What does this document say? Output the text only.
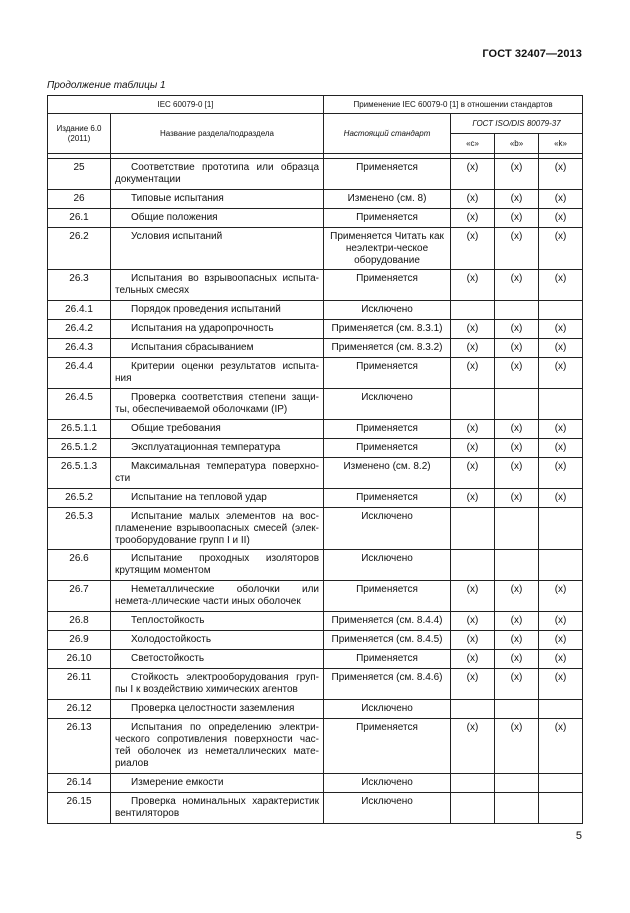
ГОСТ 32407—2013
Продолжение таблицы 1
IEC 60079-0 [1]		Применение IEC 60079-0 [1] в отношении стандартов			
Издание 6.0 (2011)	Название раздела/подраздела	Настоящий стандарт	ГОСТ ISO/DIS 80079-37		
			«c»	«b»	«k»

25	Соответствие прототипа или образца документации	Применяется	(x)	(x)	(x)
26	Типовые испытания	Изменено (см. 8)	(x)	(x)	(x)
26.1	Общие положения	Применяется	(x)	(x)	(x)
26.2	Условия испытаний	Применяется Читать как неэлектри-ческое оборудование	(x)	(x)	(x)
26.3	Испытания во взрывоопасных испыта-тельных смесях	Применяется	(x)	(x)	(x)
26.4.1	Порядок проведения испытаний	Исключено			
26.4.2	Испытания на ударопрочность	Применяется (см. 8.3.1)	(x)	(x)	(x)
26.4.3	Испытания сбрасыванием	Применяется (см. 8.3.2)	(x)	(x)	(x)
26.4.4	Критерии оценки результатов испыта-ния	Применяется	(x)	(x)	(x)
26.4.5	Проверка соответствия степени защи-ты, обеспечиваемой оболочками (IP)	Исключено			
26.5.1.1	Общие требования	Применяется	(x)	(x)	(x)
26.5.1.2	Эксплуатационная температура	Применяется	(x)	(x)	(x)
26.5.1.3	Максимальная температура поверхно-сти	Изменено (см. 8.2)	(x)	(x)	(x)
26.5.2	Испытание на тепловой удар	Применяется	(x)	(x)	(x)
26.5.3	Испытание малых элементов на вос-пламенение взрывоопасных смесей (элек-трооборудование групп I и II)	Исключено			
26.6	Испытание проходных изоляторов крутящим моментом	Исключено			
26.7	Неметаллические оболочки или немета-ллические части иных оболочек	Применяется	(x)	(x)	(x)
26.8	Теплостойкость	Применяется (см. 8.4.4)	(x)	(x)	(x)
26.9	Холодостойкость	Применяется (см. 8.4.5)	(x)	(x)	(x)
26.10	Светостойкость	Применяется	(x)	(x)	(x)
26.11	Стойкость электрооборудования груп-пы I к воздействию химических агентов	Применяется (см. 8.4.6)	(x)	(x)	(x)
26.12	Проверка целостности заземления	Исключено			
26.13	Испытания по определению электри-ческого сопротивления поверхности час-тей оболочек из неметаллических мате-риалов	Применяется	(x)	(x)	(x)
26.14	Измерение емкости	Исключено			
26.15	Проверка номинальных характеристик вентиляторов	Исключено			
5
